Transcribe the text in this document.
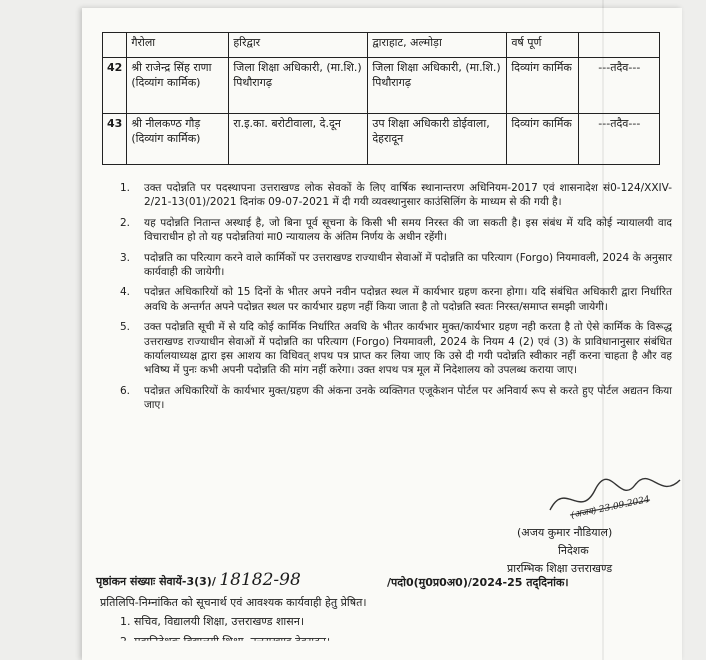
	गैरोला	हरिद्वार	द्वाराहाट, अल्मोड़ा	वर्ष पूर्ण	
42	श्री राजेन्द्र सिंह राणा (दिव्यांग कार्मिक)	जिला शिक्षा अधिकारी, (मा.शि.) पिथौरागढ़	जिला शिक्षा अधिकारी, (मा.शि.) पिथौरागढ़	दिव्यांग कार्मिक	---तदैव---
43	श्री नीलकण्ठ गौड़ (दिव्यांग कार्मिक)	रा.इ.का. बरोटीवाला, दे.दून	उप शिक्षा अधिकारी डोईवाला, देहरादून	दिव्यांग कार्मिक	---तदैव---
1. उक्त पदोन्नति पर पदस्थापना उत्तराखण्ड लोक सेवकों के लिए वार्षिक स्थानान्तरण अधिनियम-2017 एवं शासनादेश सं0-124/XXIV-2/21-13(01)/2021 दिनांक 09-07-2021 में दी गयी व्यवस्थानुसार काउंसिलिंग के माध्यम से की गयी है।
2. यह पदोन्नति नितान्त अस्थाई है, जो बिना पूर्व सूचना के किसी भी समय निरस्त की जा सकती है। इस संबंध में यदि कोई न्यायालयी वाद विचाराधीन हो तो यह पदोन्नतियां मा0 न्यायालय के अंतिम निर्णय के अधीन रहेंगी।
3. पदोन्नति का परित्याग करने वाले कार्मिकों पर उत्तराखण्ड राज्याधीन सेवाओं में पदोन्नति का परित्याग (Forgo) नियमावली, 2024 के अनुसार कार्यवाही की जायेगी।
4. पदोन्नत अधिकारियों को 15 दिनों के भीतर अपने नवीन पदोन्नत स्थल में कार्यभार ग्रहण करना होगा। यदि संबंधित अधिकारी द्वारा निर्धारित अवधि के अन्तर्गत अपने पदोन्नत स्थल पर कार्यभार ग्रहण नहीं किया जाता है तो पदोन्नति स्वतः निरस्त/समाप्त समझी जायेगी।
5. उक्त पदोन्नति सूची में से यदि कोई कार्मिक निर्धारित अवधि के भीतर कार्यभार मुक्त/कार्यभार ग्रहण नही करता है तो ऐसे कार्मिक के विरूद्ध उत्तराखण्ड राज्याधीन सेवाओं में पदोन्नति का परित्याग (Forgo) नियमावली, 2024 के नियम 4 (2) एवं (3) के प्राविधानानुसार संबंधित कार्यालयाध्यक्ष द्वारा इस आशय का विधिवत् शपथ पत्र प्राप्त कर लिया जाए कि उसे दी गयी पदोन्नति स्वीकार नहीं करना चाहता है और वह भविष्य में पुनः कभी अपनी पदोन्नति की मांग नहीं करेगा। उक्त शपथ पत्र मूल में निदेशालय को उपलब्ध कराया जाए।
6. पदोन्नत अधिकारियों के कार्यभार मुक्त/ग्रहण की अंकना उनके व्यक्तिगत एजूकेशन पोर्टल पर अनिवार्य रूप से करते हुए पोर्टल अद्यतन किया जाए।
(अजय) 23.09.2024
(अजय कुमार नौडियाल)
निदेशक
प्रारम्भिक शिक्षा उत्तराखण्ड
पृष्ठांकन संख्याः सेवायें-3(3)/ 18182-98	/पदो0(मु0प्र0अ0)/2024-25 तद्‌दिनांक।
प्रतिलिपि-निम्नांकित को सूचनार्थ एवं आवश्यक कार्यवाही हेतु प्रेषित।
1. सचिव, विद्यालयी शिक्षा, उत्तराखण्ड शासन।
